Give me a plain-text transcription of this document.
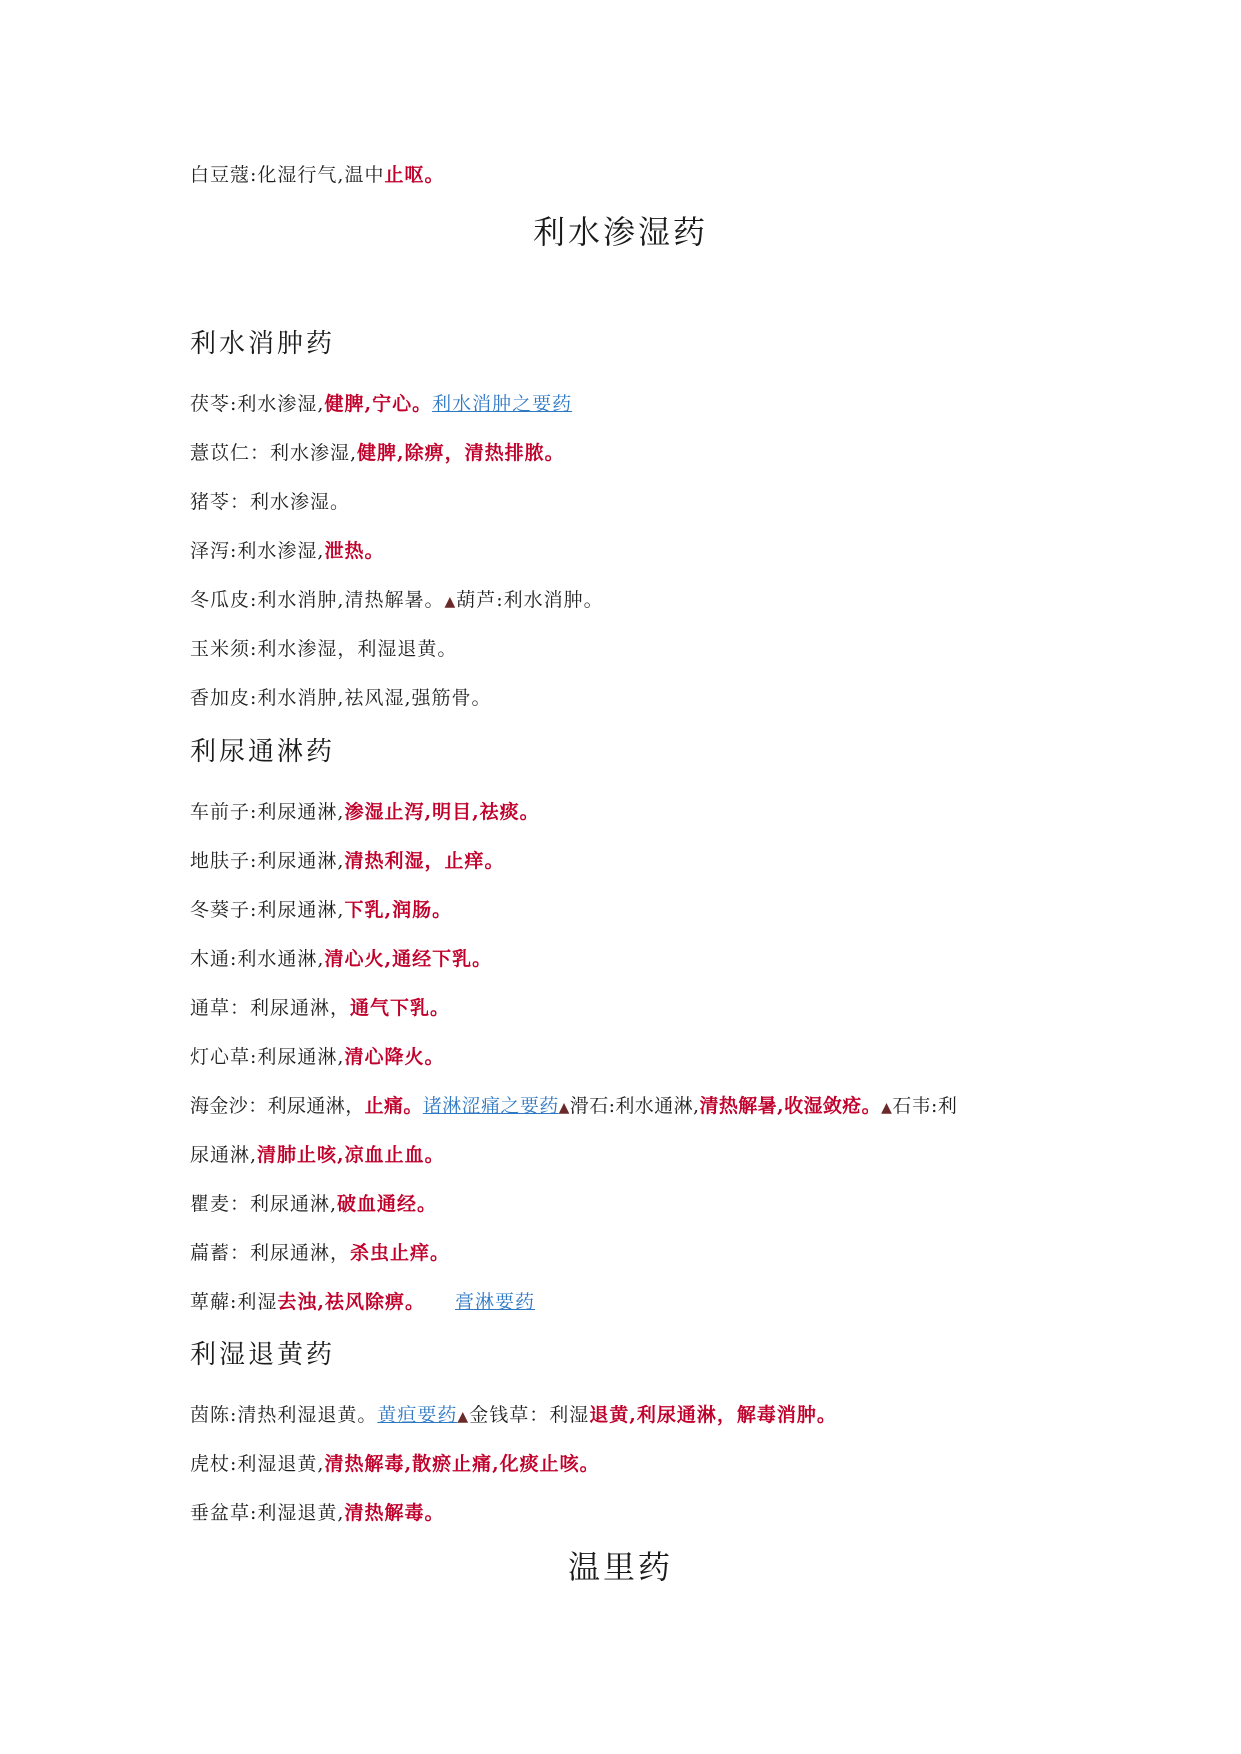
白豆蔻:化湿行气,温中止呕。
利水渗湿药
利水消肿药
茯苓:利水渗湿,健脾,宁心。利水消肿之要药
薏苡仁：利水渗湿,健脾,除痹，清热排脓。
猪苓：利水渗湿。
泽泻:利水渗湿,泄热。
冬瓜皮:利水消肿,清热解暑。▲葫芦:利水消肿。
玉米须:利水渗湿，利湿退黄。
香加皮:利水消肿,祛风湿,强筋骨。
利尿通淋药
车前子:利尿通淋,渗湿止泻,明目,祛痰。
地肤子:利尿通淋,清热利湿，止痒。
冬葵子:利尿通淋,下乳,润肠。
木通:利水通淋,清心火,通经下乳。
通草：利尿通淋，通气下乳。
灯心草:利尿通淋,清心降火。
海金沙：利尿通淋，止痛。诸淋涩痛之要药▲滑石:利水通淋,清热解暑,收湿敛疮。▲石韦:利
尿通淋,清肺止咳,凉血止血。
瞿麦：利尿通淋,破血通经。
萹蓄：利尿通淋，杀虫止痒。
萆薢:利湿去浊,祛风除痹。 膏淋要药
利湿退黄药
茵陈:清热利湿退黄。黄疸要药▲金钱草：利湿退黄,利尿通淋，解毒消肿。
虎杖:利湿退黄,清热解毒,散瘀止痛,化痰止咳。
垂盆草:利湿退黄,清热解毒。
温里药
